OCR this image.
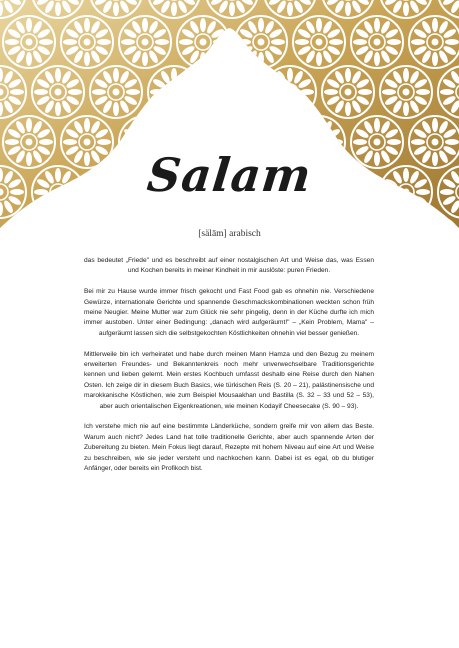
Salam
[sälām] arabisch

das bedeutet „Friede" und es beschreibt auf einer nostalgischen Art und Weise das, was Essen und Kochen bereits in meiner Kindheit in mir auslöste: puren Frieden.

Bei mir zu Hause wurde immer frisch gekocht und Fast Food gab es ohnehin nie. Verschiedene Gewürze, internationale Gerichte und spannende Geschmackskombinationen weckten schon früh meine Neugier. Meine Mutter war zum Glück nie sehr pingelig, denn in der Küche durfte ich mich immer austoben. Unter einer Bedingung: „danach wird aufgeräumt!" – „Kein Problem, Mama" – aufgeräumt lassen sich die selbstgekochten Köstlichkeiten ohnehin viel besser genießen.

Mittlerweile bin ich verheiratet und habe durch meinen Mann Hamza und den Bezug zu meinem erweiterten Freundes- und Bekanntenkreis noch mehr unverwechselbare Traditionsgerichte kennen und lieben gelernt. Mein erstes Kochbuch umfasst deshalb eine Reise durch den Nahen Osten. Ich zeige dir in diesem Buch Basics, wie türkischen Reis (S. 20 – 21), palästinensische und marokkanische Köstlichen, wie zum Beispiel Mousaakhan und Bastilla (S. 32 – 33 und 52 – 53), aber auch orientalischen Eigenkreationen, wie meinen Kodayif Cheesecake (S. 90 – 93).

Ich verstehe mich nie auf eine bestimmte Länderküche, sondern greife mir von allem das Beste. Warum auch nicht? Jedes Land hat tolle traditionelle Gerichte, aber auch spannende Arten der Zubereitung zu bieten. Mein Fokus liegt darauf, Rezepte mit hohem Niveau auf eine Art und Weise zu beschreiben, wie sie jeder versteht und nachkochen kann. Dabei ist es egal, ob du blutiger Anfänger, oder bereits ein Profikoch bist.
